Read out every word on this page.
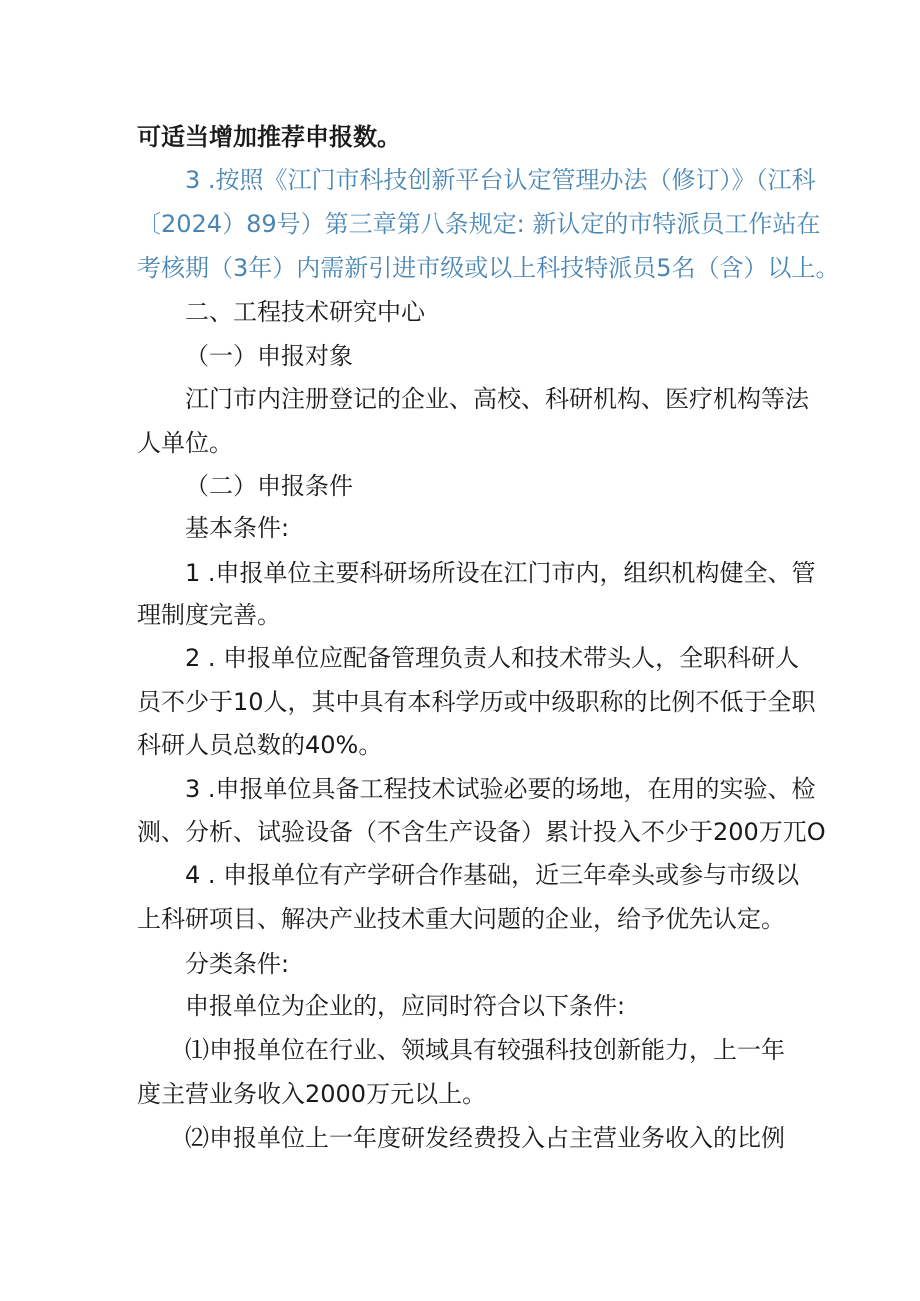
可适当增加推荐申报数。
3 .按照《江门市科技创新平台认定管理办法（修订）》（江科
〔2024）89号）第三章第八条规定: 新认定的市特派员工作站在
考核期（3年）内需新引进市级或以上科技特派员5名（含）以上。
二、工程技术研究中心
（一）申报对象
江门市内注册登记的企业、高校、科研机构、医疗机构等法
人单位。
（二）申报条件
基本条件:
1 .申报单位主要科研场所设在江门市内，组织机构健全、管
理制度完善。
2 . 申报单位应配备管理负责人和技术带头人，全职科研人
员不少于10人，其中具有本科学历或中级职称的比例不低于全职
科研人员总数的40%。
3 .申报单位具备工程技术试验必要的场地，在用的实验、检
测、分析、试验设备（不含生产设备）累计投入不少于200万兀O
4 . 申报单位有产学研合作基础，近三年牵头或参与市级以
上科研项目、解决产业技术重大问题的企业，给予优先认定。
分类条件:
申报单位为企业的，应同时符合以下条件:
⑴申报单位在行业、领域具有较强科技创新能力，上一年
度主营业务收入2000万元以上。
⑵申报单位上一年度研发经费投入占主营业务收入的比例
